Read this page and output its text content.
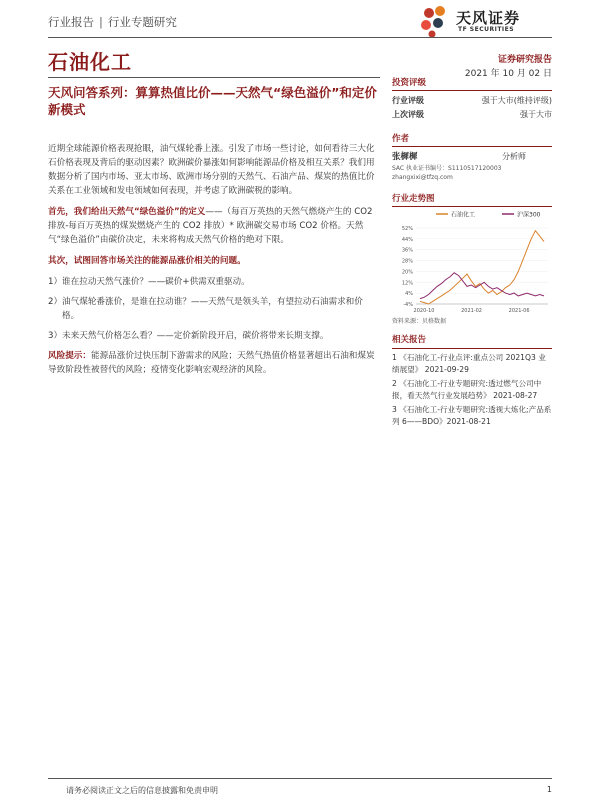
行业报告 | 行业专题研究	天风证券
TF SECURITIES
石油化工	证券研究报告
2021 年 10 月 02 日
天风问答系列：算算热值比价——天然气“绿色溢价”和定价新模式

近期全球能源价格表现抢眼，油气煤轮番上涨。引发了市场一些讨论，如何看待三大化石价格表现及背后的驱动因素？欧洲碳价暴涨如何影响能源品价格及相互关系？我们用数据分析了国内市场、亚太市场、欧洲市场分别的天然气、石油产品、煤炭的热值比价关系在工业领域和发电领域如何表现，并考虑了欧洲碳税的影响。

首先，我们给出天然气“绿色溢价”的定义——（每百万英热的天然气燃烧产生的 CO2 排放-每百万英热的煤炭燃烧产生的 CO2 排放）* 欧洲碳交易市场 CO2 价格。天然气“绿色溢价”由碳价决定，未来将构成天然气价格的绝对下限。

其次，试图回答市场关注的能源品涨价相关的问题。

1）谁在拉动天然气涨价？——碳价+供需双重驱动。

2）油气煤轮番涨价，是谁在拉动谁？——天然气是领头羊，有望拉动石油需求和价格。

3）未来天然气价格怎么看？——定价新阶段开启，碳价将带来长期支撑。

风险提示：能源品涨价过快压制下游需求的风险；天然气热值价格显著超出石油和煤炭导致阶段性被替代的风险；疫情变化影响宏观经济的风险。

投资评级
行业评级	强于大市(维持评级)
上次评级	强于大市
作者
张樨樨	分析师
SAC 执业证书编号：S1110517120003
zhangxixi@tfzq.com
行业走势图
石油化工	沪深300
52%
44%
36%
28%
20%
12%
4%
-4%
2020-10	2021-02	2021-06
资料来源：贝格数据
相关报告
1 《石油化工-行业点评:重点公司 2021Q3 业绩展望》 2021-09-29
2 《石油化工-行业专题研究:透过燃气公司中报，看天然气行业发展趋势》 2021-08-27
3 《石油化工-行业专题研究:透视大炼化;产品系列 6——BDO》2021-08-21
请务必阅读正文之后的信息披露和免责申明	1
